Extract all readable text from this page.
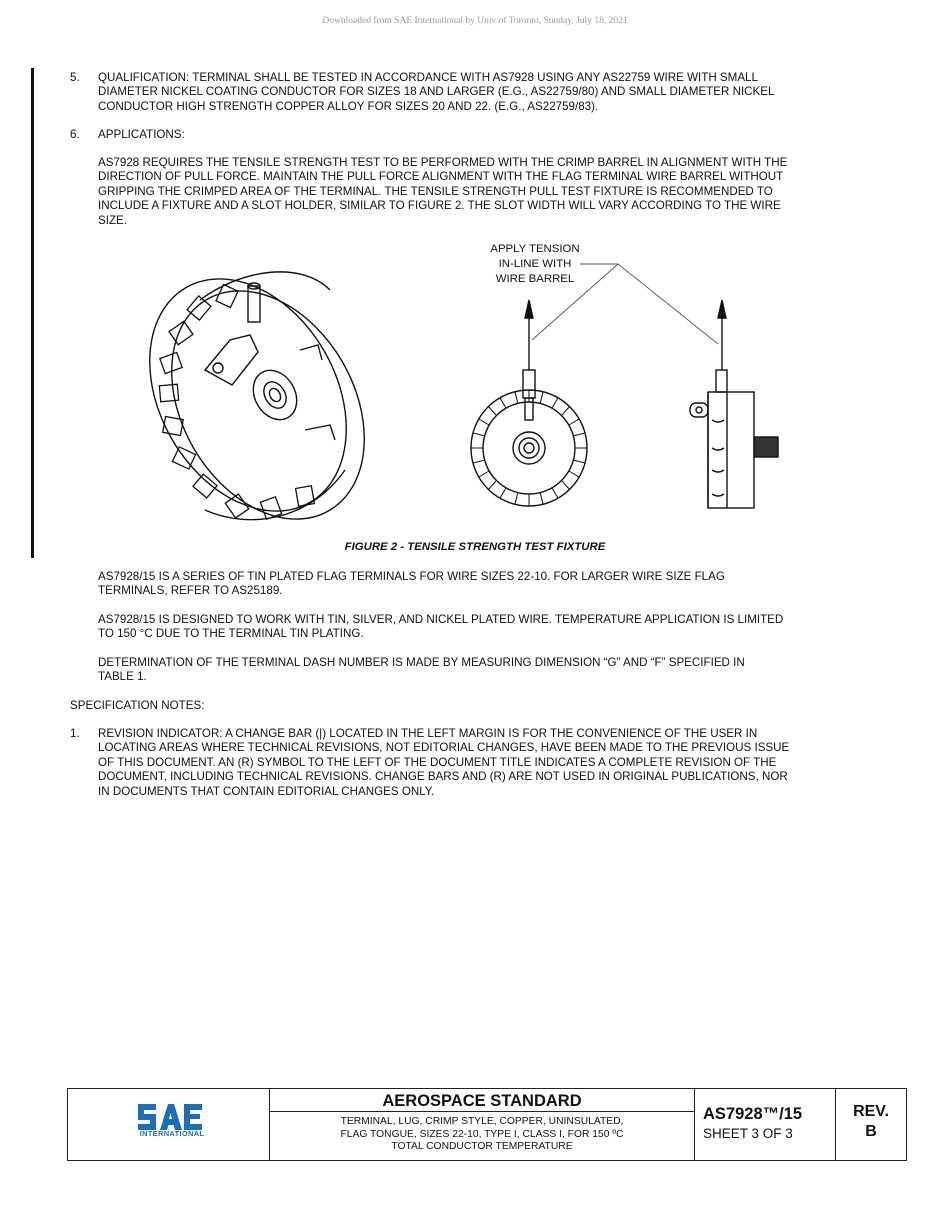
Downloaded from SAE International by Univ of Toronto, Sunday, July 18, 2021
5. QUALIFICATION: TERMINAL SHALL BE TESTED IN ACCORDANCE WITH AS7928 USING ANY AS22759 WIRE WITH SMALL
DIAMETER NICKEL COATING CONDUCTOR FOR SIZES 18 AND LARGER (E.G., AS22759/80) AND SMALL DIAMETER NICKEL
CONDUCTOR HIGH STRENGTH COPPER ALLOY FOR SIZES 20 AND 22. (E.G., AS22759/83).
6. APPLICATIONS:
AS7928 REQUIRES THE TENSILE STRENGTH TEST TO BE PERFORMED WITH THE CRIMP BARREL IN ALIGNMENT WITH THE
DIRECTION OF PULL FORCE. MAINTAIN THE PULL FORCE ALIGNMENT WITH THE FLAG TERMINAL WIRE BARREL WITHOUT
GRIPPING THE CRIMPED AREA OF THE TERMINAL. THE TENSILE STRENGTH PULL TEST FIXTURE IS RECOMMENDED TO
INCLUDE A FIXTURE AND A SLOT HOLDER, SIMILAR TO FIGURE 2. THE SLOT WIDTH WILL VARY ACCORDING TO THE WIRE
SIZE.
APPLY TENSION
IN-LINE WITH
WIRE BARREL
FIGURE 2 - TENSILE STRENGTH TEST FIXTURE
AS7928/15 IS A SERIES OF TIN PLATED FLAG TERMINALS FOR WIRE SIZES 22-10. FOR LARGER WIRE SIZE FLAG
TERMINALS, REFER TO AS25189.
AS7928/15 IS DESIGNED TO WORK WITH TIN, SILVER, AND NICKEL PLATED WIRE. TEMPERATURE APPLICATION IS LIMITED
TO 150 °C DUE TO THE TERMINAL TIN PLATING.
DETERMINATION OF THE TERMINAL DASH NUMBER IS MADE BY MEASURING DIMENSION “G” AND “F” SPECIFIED IN
TABLE 1.
SPECIFICATION NOTES:
1. REVISION INDICATOR: A CHANGE BAR (|) LOCATED IN THE LEFT MARGIN IS FOR THE CONVENIENCE OF THE USER IN
LOCATING AREAS WHERE TECHNICAL REVISIONS, NOT EDITORIAL CHANGES, HAVE BEEN MADE TO THE PREVIOUS ISSUE
OF THIS DOCUMENT. AN (R) SYMBOL TO THE LEFT OF THE DOCUMENT TITLE INDICATES A COMPLETE REVISION OF THE
DOCUMENT, INCLUDING TECHNICAL REVISIONS. CHANGE BARS AND (R) ARE NOT USED IN ORIGINAL PUBLICATIONS, NOR
IN DOCUMENTS THAT CONTAIN EDITORIAL CHANGES ONLY.
INTERNATIONAL
AEROSPACE STANDARD
TERMINAL, LUG, CRIMP STYLE, COPPER, UNINSULATED,
FLAG TONGUE, SIZES 22-10, TYPE I, CLASS I, FOR 150 ºC
TOTAL CONDUCTOR TEMPERATURE
AS7928™/15
SHEET 3 OF 3
REV.
B
